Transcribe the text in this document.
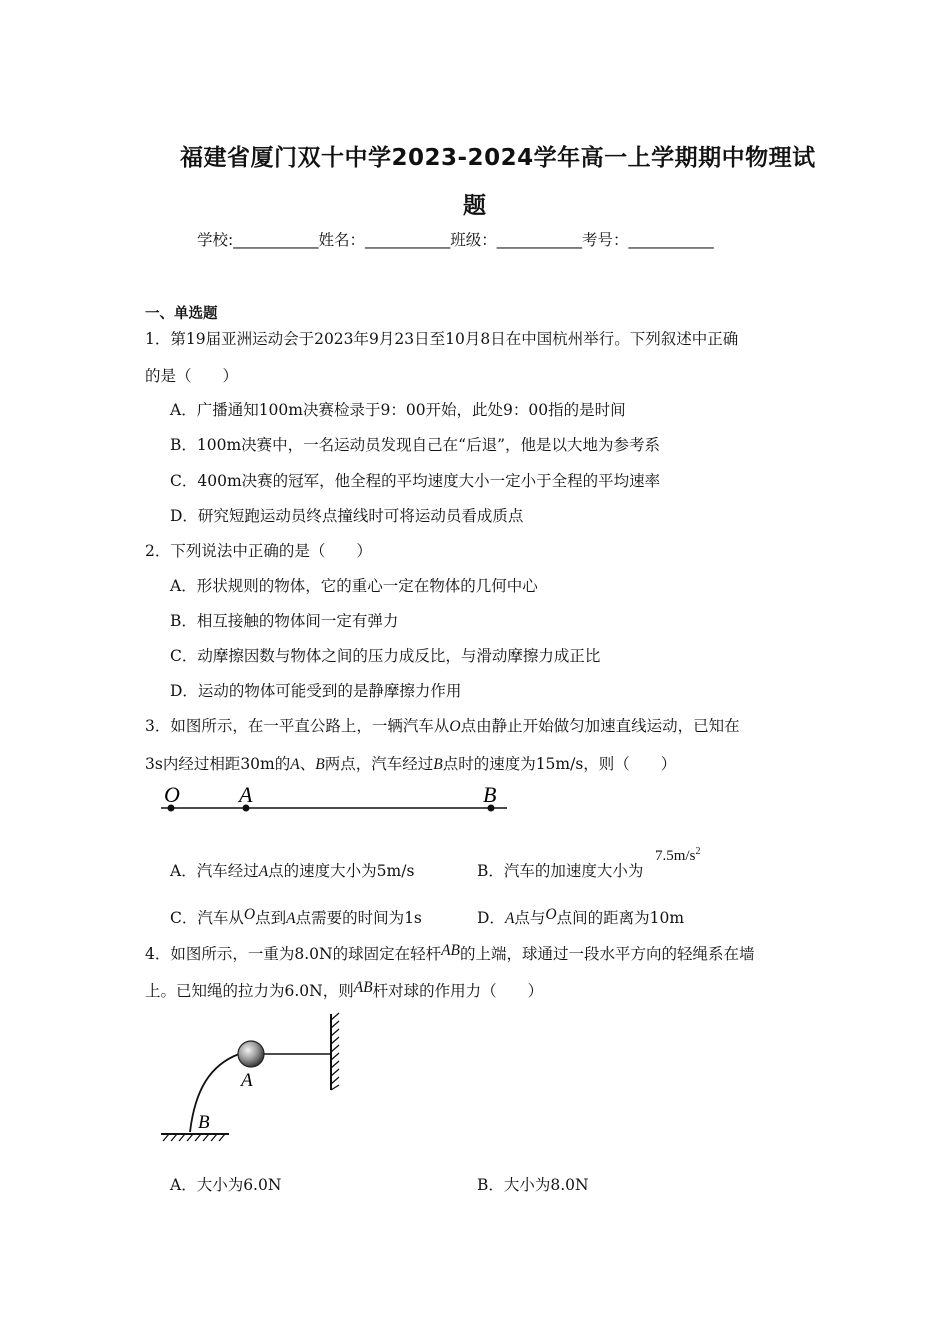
福建省厦门双十中学2023-2024学年高一上学期期中物理试
题
学校:___________姓名：___________班级：___________考号：___________
一、单选题
1．第19届亚洲运动会于2023年9月23日至10月8日在中国杭州举行。下列叙述中正确
的是（　　）
A．广播通知100m决赛检录于9：00开始，此处9：00指的是时间
B．100m决赛中，一名运动员发现自己在“后退”，他是以大地为参考系
C．400m决赛的冠军，他全程的平均速度大小一定小于全程的平均速率
D．研究短跑运动员终点撞线时可将运动员看成质点
2．下列说法中正确的是（　　）
A．形状规则的物体，它的重心一定在物体的几何中心
B．相互接触的物体间一定有弹力
C．动摩擦因数与物体之间的压力成反比，与滑动摩擦力成正比
D．运动的物体可能受到的是静摩擦力作用
3．如图所示，在一平直公路上，一辆汽车从O点由静止开始做匀加速直线运动，已知在
3s内经过相距30m的A、B两点，汽车经过B点时的速度为15m/s，则（　　）
O	A	B
A．汽车经过A点的速度大小为5m/s	B．汽车的加速度大小为
$7.5m/s^2$
C．汽车从O点到A点需要的时间为1s	D．A点与O点间的距离为10m
4．如图所示，一重为8.0N的球固定在轻杆AB的上端，球通过一段水平方向的轻绳系在墙
上。已知绳的拉力为6.0N，则AB杆对球的作用力（　　）
A
B
A．大小为6.0N	B．大小为8.0N
